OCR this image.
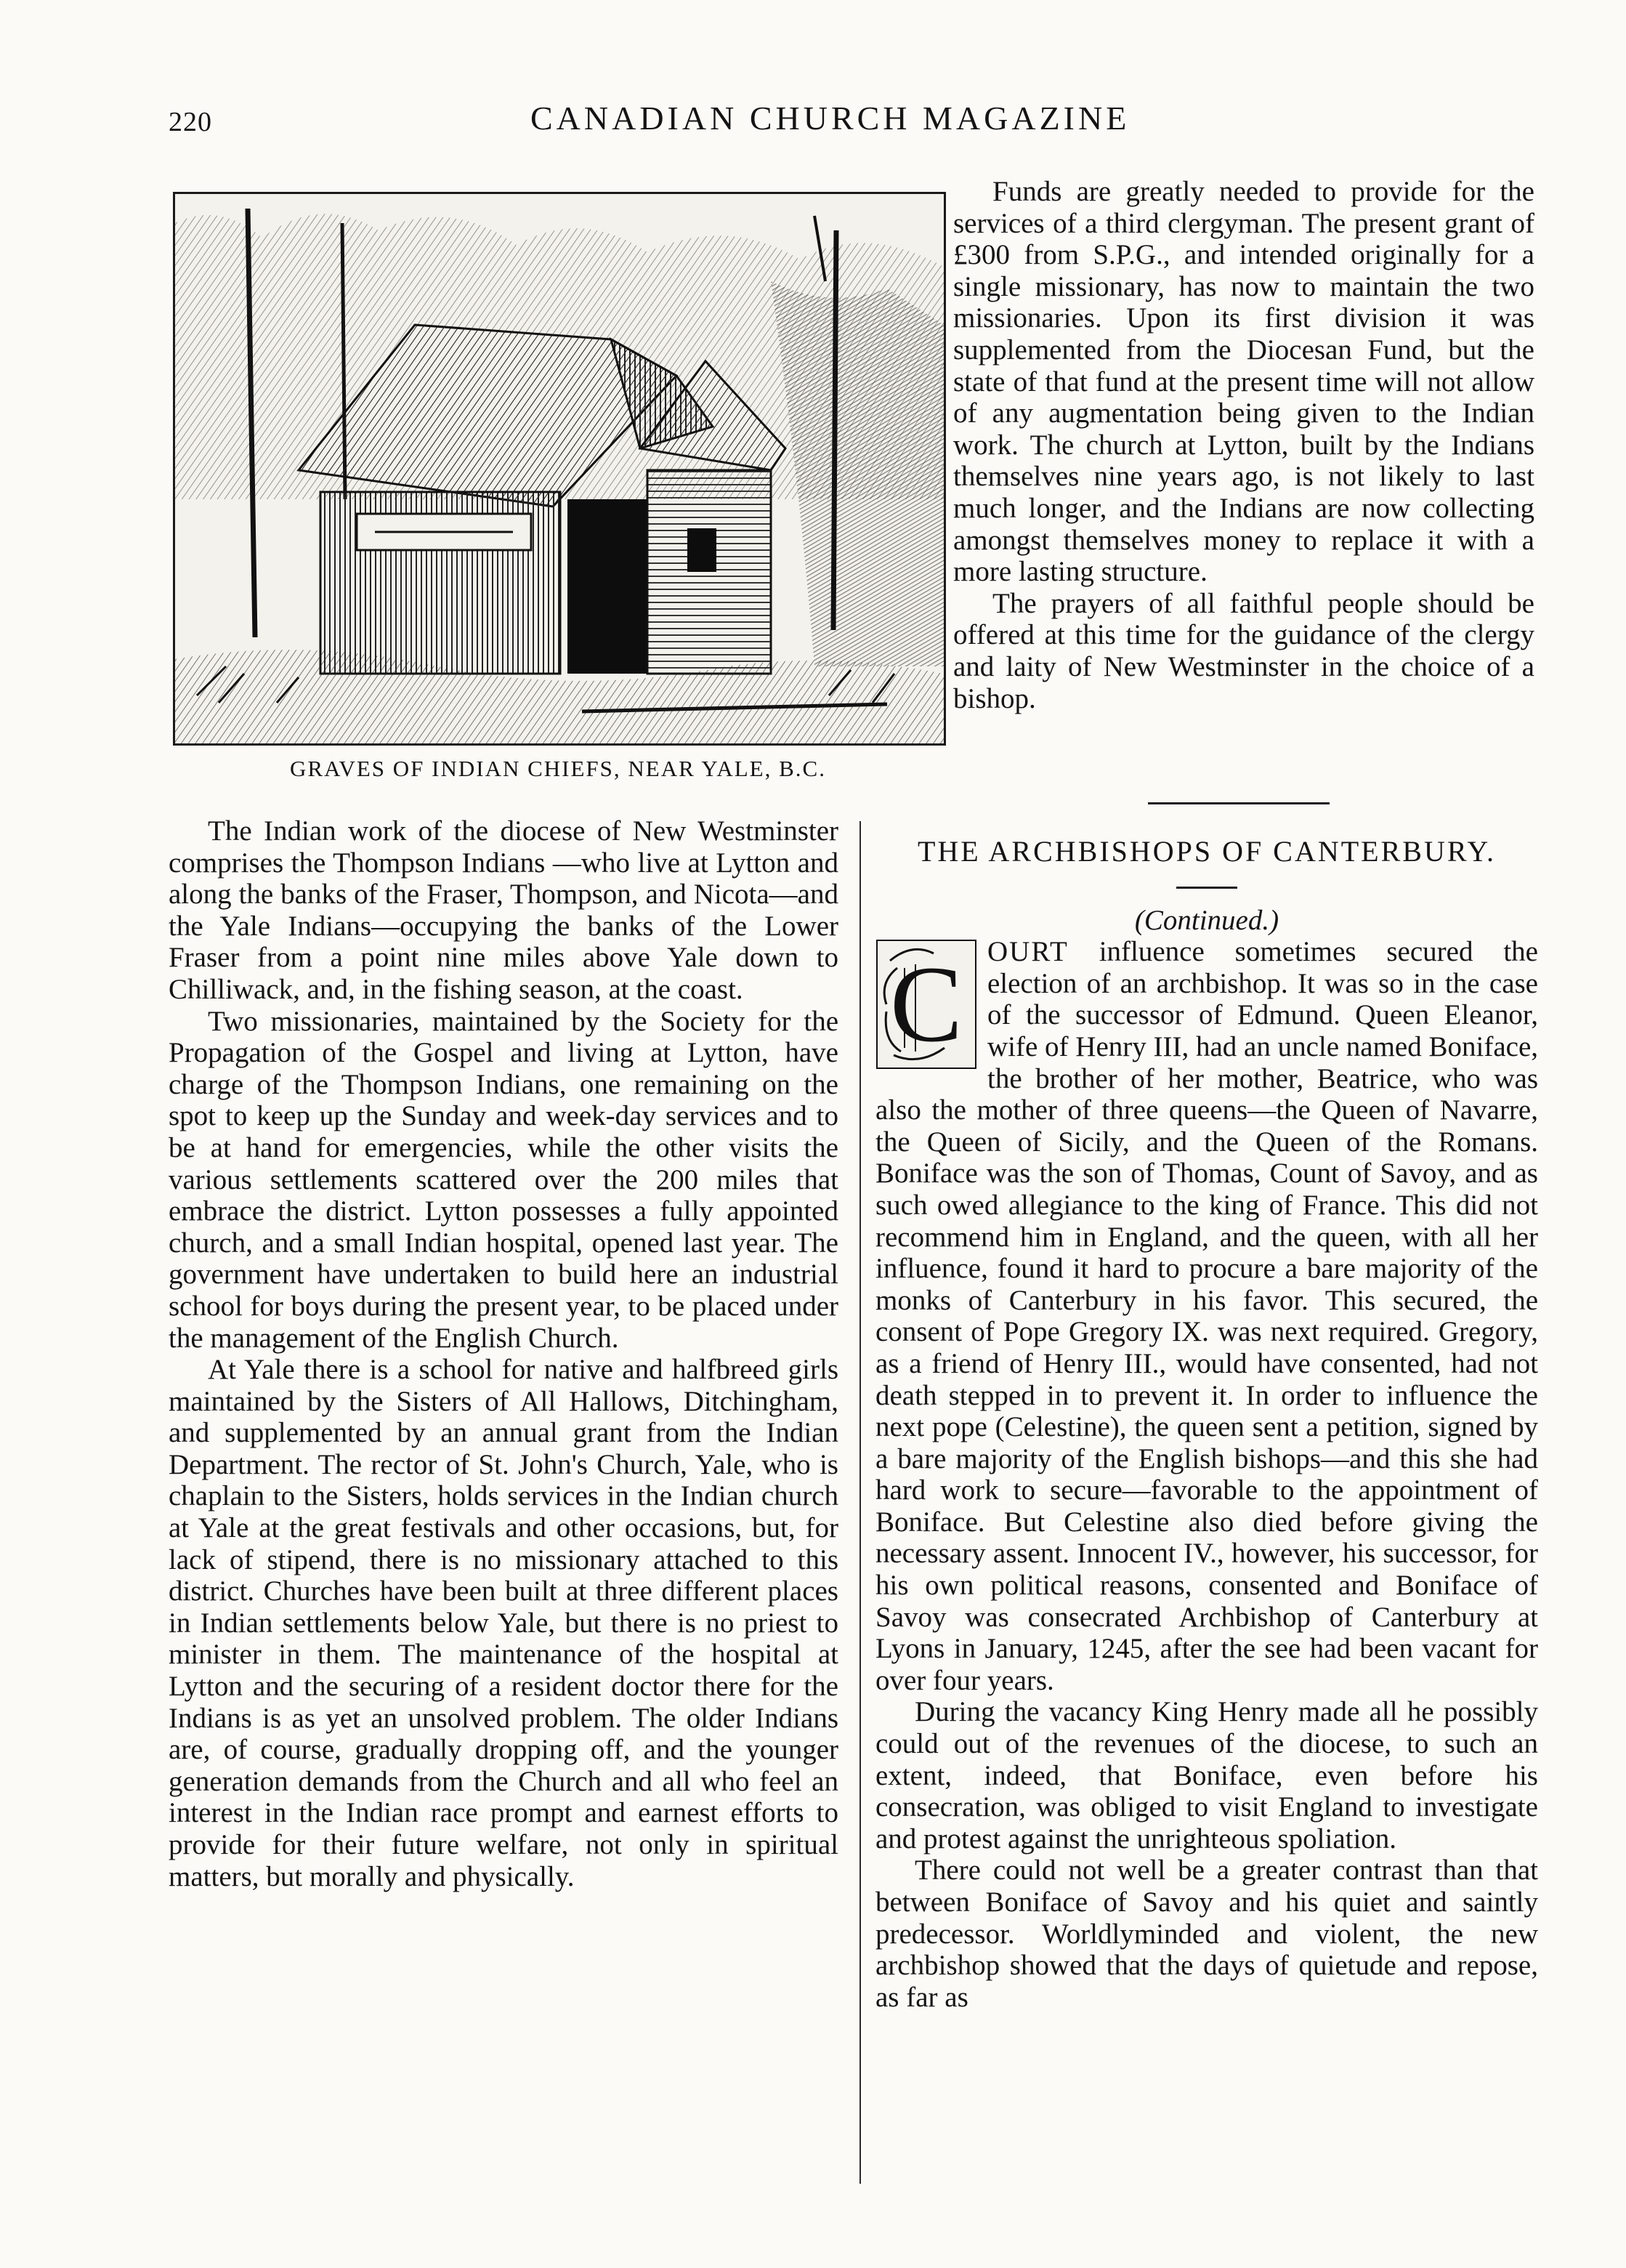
220	CANADIAN CHURCH MAGAZINE
GRAVES OF INDIAN CHIEFS, NEAR YALE, B.C.

Funds are greatly needed to provide for the services of a third clergyman. The present grant of £300 from S.P.G., and intended originally for a single missionary, has now to maintain the two missionaries. Upon its first division it was supplemented from the Diocesan Fund, but the state of that fund at the present time will not allow of any augmentation being given to the Indian work. The church at Lytton, built by the Indians themselves nine years ago, is not likely to last much longer, and the Indians are now collecting amongst themselves money to replace it with a more lasting structure.

The prayers of all faithful people should be offered at this time for the guidance of the clergy and laity of New Westminster in the choice of a bishop.

The Indian work of the diocese of New Westminster comprises the Thompson Indians —who live at Lytton and along the banks of the Fraser, Thompson, and Nicota—and the Yale Indians—occupying the banks of the Lower Fraser from a point nine miles above Yale down to Chilliwack, and, in the fishing season, at the coast.

Two missionaries, maintained by the Society for the Propagation of the Gospel and living at Lytton, have charge of the Thompson Indians, one remaining on the spot to keep up the Sunday and week-day services and to be at hand for emergencies, while the other visits the various settlements scattered over the 200 miles that embrace the district. Lytton possesses a fully appointed church, and a small Indian hospital, opened last year. The government have undertaken to build here an industrial school for boys during the present year, to be placed under the management of the English Church.

At Yale there is a school for native and halfbreed girls maintained by the Sisters of All Hallows, Ditchingham, and supplemented by an annual grant from the Indian Department. The rector of St. John's Church, Yale, who is chaplain to the Sisters, holds services in the Indian church at Yale at the great festivals and other occasions, but, for lack of stipend, there is no missionary attached to this district. Churches have been built at three different places in Indian settlements below Yale, but there is no priest to minister in them. The maintenance of the hospital at Lytton and the securing of a resident doctor there for the Indians is as yet an unsolved problem. The older Indians are, of course, gradually dropping off, and the younger generation demands from the Church and all who feel an interest in the Indian race prompt and earnest efforts to provide for their future welfare, not only in spiritual matters, but morally and physically.

THE ARCHBISHOPS OF CANTERBURY.

(Continued.)

C OURT influence sometimes secured the election of an archbishop. It was so in the case of the successor of Edmund. Queen Eleanor, wife of Henry III, had an uncle named Boniface, the brother of her mother, Beatrice, who was also the mother of three queens—the Queen of Navarre, the Queen of Sicily, and the Queen of the Romans. Boniface was the son of Thomas, Count of Savoy, and as such owed allegiance to the king of France. This did not recommend him in England, and the queen, with all her influence, found it hard to procure a bare majority of the monks of Canterbury in his favor. This secured, the consent of Pope Gregory IX. was next required. Gregory, as a friend of Henry III., would have consented, had not death stepped in to prevent it. In order to influence the next pope (Celestine), the queen sent a petition, signed by a bare majority of the English bishops—and this she had hard work to secure—favorable to the appointment of Boniface. But Celestine also died before giving the necessary assent. Innocent IV., however, his successor, for his own political reasons, consented and Boniface of Savoy was consecrated Archbishop of Canterbury at Lyons in January, 1245, after the see had been vacant for over four years.

During the vacancy King Henry made all he possibly could out of the revenues of the diocese, to such an extent, indeed, that Boniface, even before his consecration, was obliged to visit England to investigate and protest against the unrighteous spoliation.

There could not well be a greater contrast than that between Boniface of Savoy and his quiet and saintly predecessor. Worldlyminded and violent, the new archbishop showed that the days of quietude and repose, as far as
